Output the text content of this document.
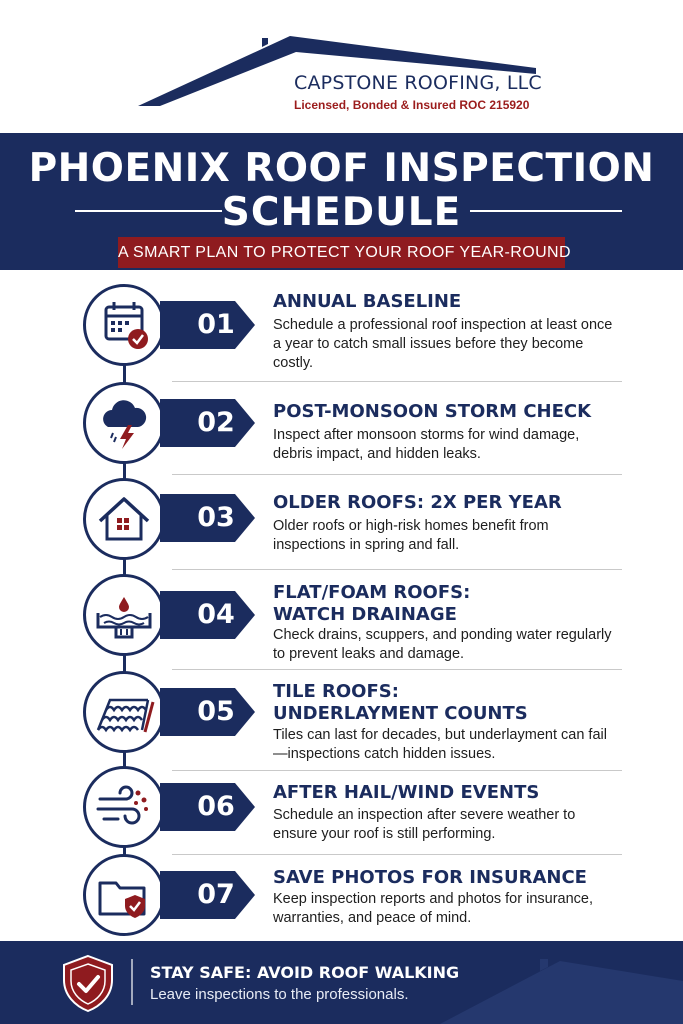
CAPSTONE ROOFING, LLC
Licensed, Bonded & Insured ROC 215920
PHOENIX ROOF INSPECTION
SCHEDULE
A SMART PLAN TO PROTECT YOUR ROOF YEAR-ROUND
01
ANNUAL BASELINE
Schedule a professional roof inspection at least once a year to catch small issues before they become costly.
02	POST-MONSOON STORM CHECK
Inspect after monsoon storms for wind damage, debris impact, and hidden leaks.
03	OLDER ROOFS: 2X PER YEAR
Older roofs or high-risk homes benefit from inspections in spring and fall.
04
FLAT/FOAM ROOFS:
WATCH DRAINAGE
Check drains, scuppers, and ponding water regularly to prevent leaks and damage.
05
TILE ROOFS:
UNDERLAYMENT COUNTS
Tiles can last for decades, but underlayment can fail—inspections catch hidden issues.
06	AFTER HAIL/WIND EVENTS
Schedule an inspection after severe weather to ensure your roof is still performing.
07
SAVE PHOTOS FOR INSURANCE
Keep inspection reports and photos for insurance, warranties, and peace of mind.
STAY SAFE: AVOID ROOF WALKING
Leave inspections to the professionals.
